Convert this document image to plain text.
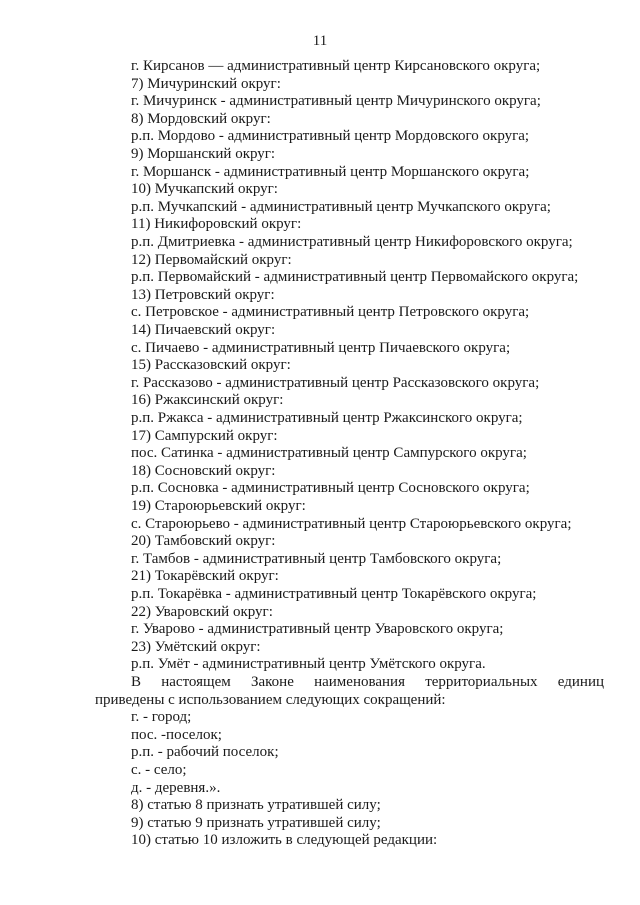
11
г. Кирсанов — административный центр Кирсановского округа;
7) Мичуринский округ:
г. Мичуринск - административный центр Мичуринского округа;
8) Мордовский округ:
р.п. Мордово - административный центр Мордовского округа;
9) Моршанский округ:
г. Моршанск - административный центр Моршанского округа;
10) Мучкапский округ:
р.п. Мучкапский - административный центр Мучкапского округа;
11) Никифоровский округ:
р.п. Дмитриевка - административный центр Никифоровского округа;
12) Первомайский округ:
р.п. Первомайский - административный центр Первомайского округа;
13) Петровский округ:
с. Петровское - административный центр Петровского округа;
14) Пичаевский округ:
с. Пичаево - административный центр Пичаевского округа;
15) Рассказовский округ:
г. Рассказово - административный центр Рассказовского округа;
16) Ржаксинский округ:
р.п. Ржакса - административный центр Ржаксинского округа;
17) Сампурский округ:
пос. Сатинка - административный центр Сампурского округа;
18) Сосновский округ:
р.п. Сосновка - административный центр Сосновского округа;
19) Староюрьевский округ:
с. Староюрьево - административный центр Староюрьевского округа;
20) Тамбовский округ:
г. Тамбов - административный центр Тамбовского округа;
21) Токарёвский округ:
р.п. Токарёвка - административный центр Токарёвского округа;
22) Уваровский округ:
г. Уварово - административный центр Уваровского округа;
23) Умётский округ:
р.п. Умёт - административный центр Умётского округа.
В настоящем Законе наименования территориальных единиц
приведены с использованием следующих сокращений:
г. - город;
пос. -поселок;
р.п. - рабочий поселок;
с. - село;
д. - деревня.».
8) статью 8 признать утратившей силу;
9) статью 9 признать утратившей силу;
10) статью 10 изложить в следующей редакции:
